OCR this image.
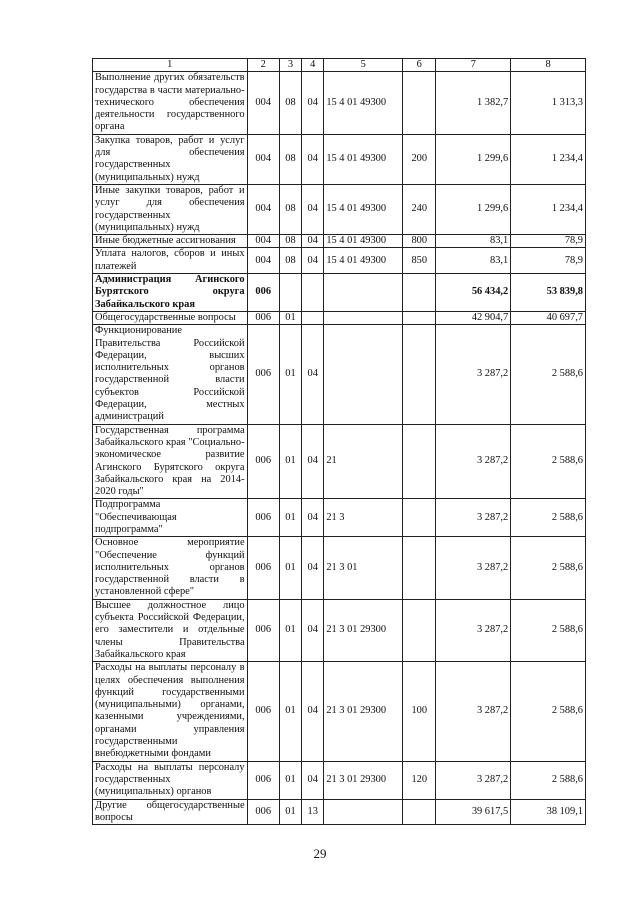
1	2	3	4	5	6	7	8
Выполнение других обязательств государства в части материально-технического обеспечения деятельности государственного органа	004	08	04	15 4 01 49300		1 382,7	1 313,3
Закупка товаров, работ и услуг для обеспечения государственных (муниципальных) нужд	004	08	04	15 4 01 49300	200	1 299,6	1 234,4
Иные закупки товаров, работ и услуг для обеспечения государственных (муниципальных) нужд	004	08	04	15 4 01 49300	240	1 299,6	1 234,4
Иные бюджетные ассигнования	004	08	04	15 4 01 49300	800	83,1	78,9
Уплата налогов, сборов и иных платежей	004	08	04	15 4 01 49300	850	83,1	78,9
Администрация Агинского Бурятского округа Забайкальского края	006					56 434,2	53 839,8
Общегосударственные вопросы	006	01				42 904,7	40 697,7
Функционирование Правительства Российской Федерации, высших исполнительных органов государственной власти субъектов Российской Федерации, местных администраций	006	01	04			3 287,2	2 588,6
Государственная программа Забайкальского края "Социально-экономическое развитие Агинского Бурятского округа Забайкальского края на 2014-2020 годы"	006	01	04	21		3 287,2	2 588,6
Подпрограмма "Обеспечивающая подпрограмма"	006	01	04	21 3		3 287,2	2 588,6
Основное мероприятие "Обеспечение функций исполнительных органов государственной власти в установленной сфере"	006	01	04	21 3 01		3 287,2	2 588,6
Высшее должностное лицо субъекта Российской Федерации, его заместители и отдельные члены Правительства Забайкальского края	006	01	04	21 3 01 29300		3 287,2	2 588,6
Расходы на выплаты персоналу в целях обеспечения выполнения функций государственными (муниципальными) органами, казенными учреждениями, органами управления государственными внебюджетными фондами	006	01	04	21 3 01 29300	100	3 287,2	2 588,6
Расходы на выплаты персоналу государственных (муниципальных) органов	006	01	04	21 3 01 29300	120	3 287,2	2 588,6
Другие общегосударственные вопросы	006	01	13			39 617,5	38 109,1
29
